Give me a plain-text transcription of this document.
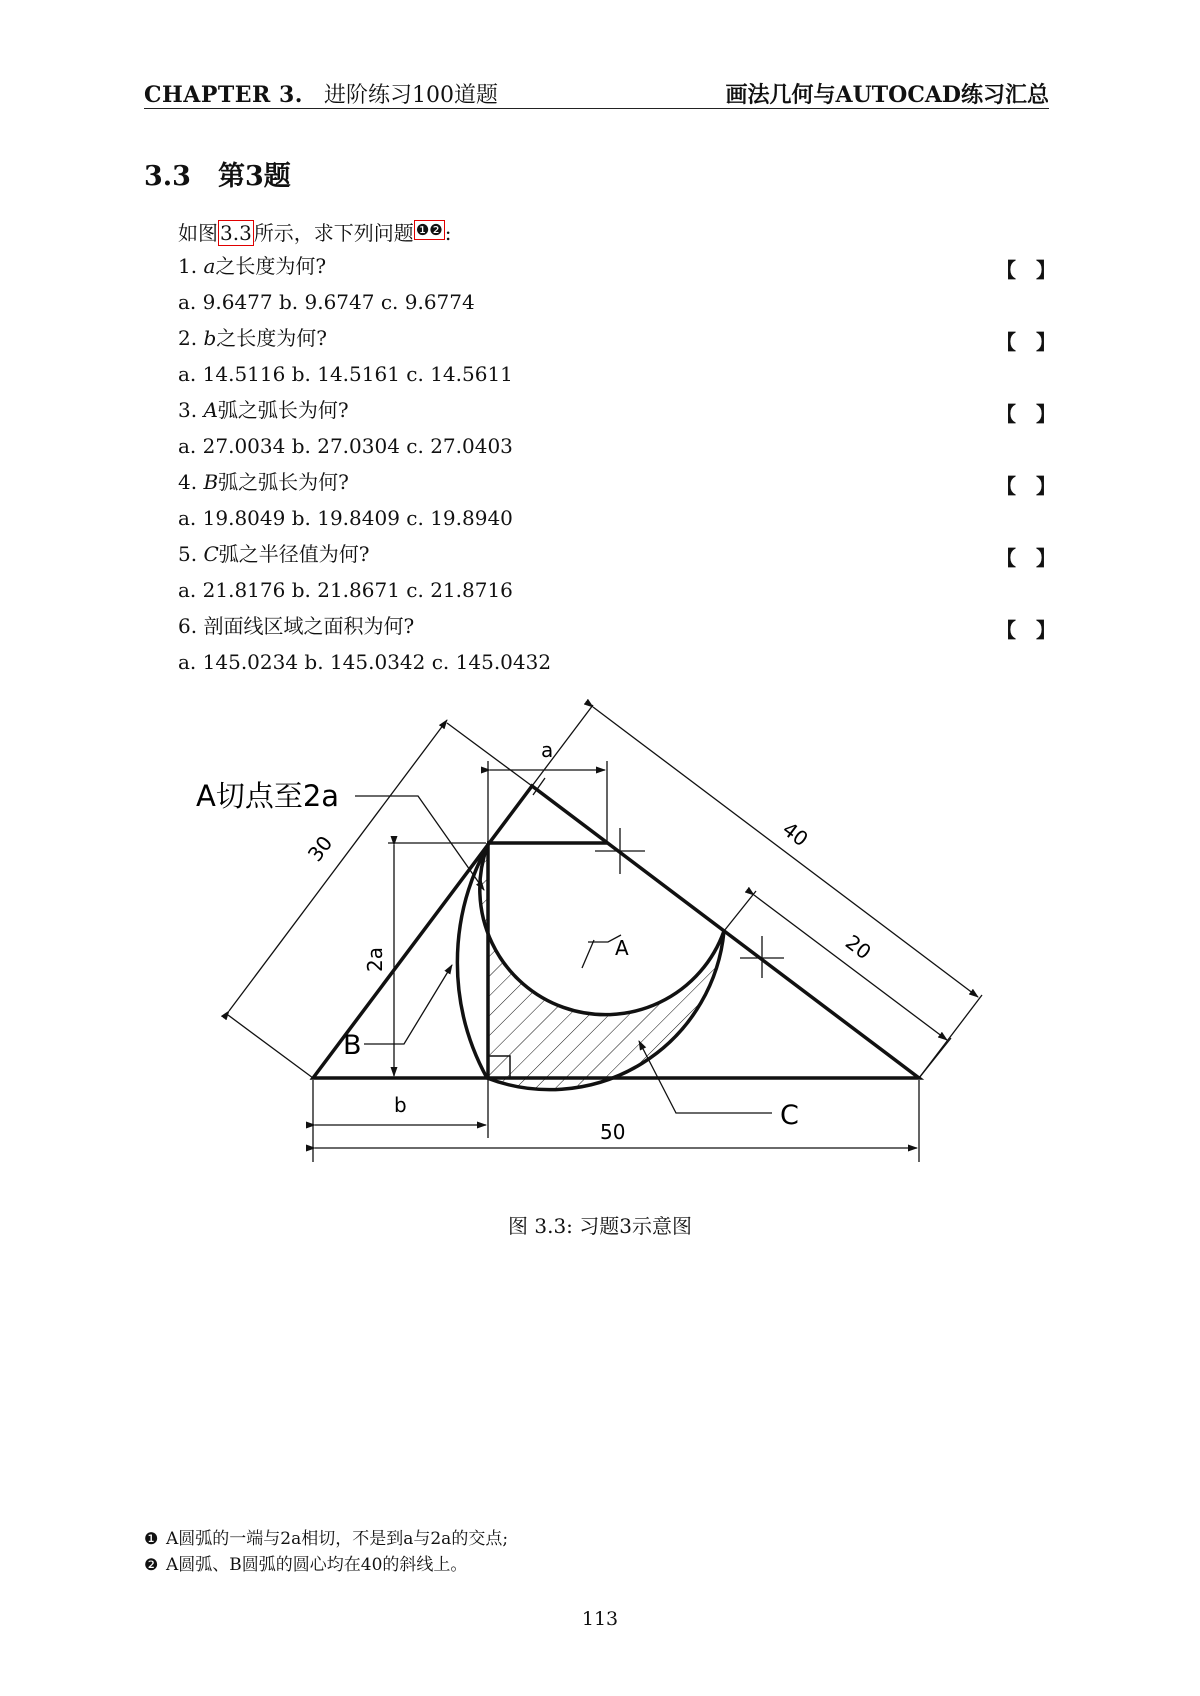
CHAPTER 3. 进阶练习100道题	画法几何与AUTOCAD练习汇总
3.3 第3题
如图 3.3 所示，求下列问题 $^{❶❷}$ :
1. a之长度为何?	【　】
a. 9.6477 b. 9.6747 c. 9.6774
2. b之长度为何?	【　】
a. 14.5116 b. 14.5161 c. 14.5611
3. A弧之弧长为何?	【　】
a. 27.0034 b. 27.0304 c. 27.0403
4. B弧之弧长为何?	【　】
a. 19.8049 b. 19.8409 c. 19.8940
5. C弧之半径值为何?	【　】
a. 21.8176 b. 21.8671 c. 21.8716
6. 剖面线区域之面积为何?	【　】
a. 145.0234 b. 145.0342 c. 145.0432
A切点至2a
a
30	40
20
2a	A
B
C
b
50
图 3.3: 习题3示意图
❶ A圆弧的一端与2a相切，不是到a与2a的交点;
❷ A圆弧、B圆弧的圆心均在40的斜线上。
113
